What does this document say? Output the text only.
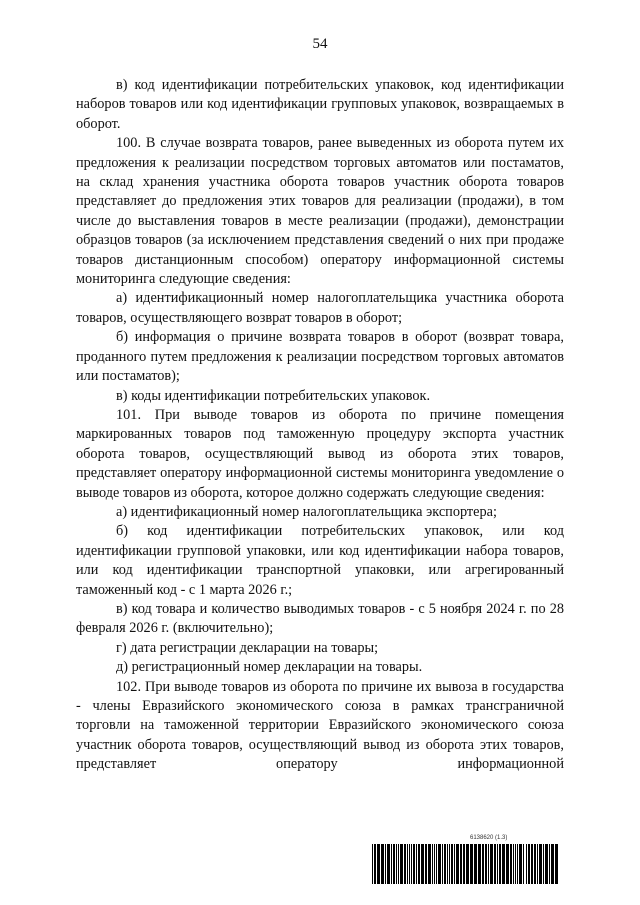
54

в) код идентификации потребительских упаковок, код идентификации наборов товаров или код идентификации групповых упаковок, возвращаемых в оборот.

100. В случае возврата товаров, ранее выведенных из оборота путем их предложения к реализации посредством торговых автоматов или постаматов, на склад хранения участника оборота товаров участник оборота товаров представляет до предложения этих товаров для реализации (продажи), в том числе до выставления товаров в месте реализации (продажи), демонстрации образцов товаров (за исключением представления сведений о них при продаже товаров дистанционным способом) оператору информационной системы мониторинга следующие сведения:

а) идентификационный номер налогоплательщика участника оборота товаров, осуществляющего возврат товаров в оборот;

б) информация о причине возврата товаров в оборот (возврат товара, проданного путем предложения к реализации посредством торговых автоматов или постаматов);

в) коды идентификации потребительских упаковок.

101. При выводе товаров из оборота по причине помещения маркированных товаров под таможенную процедуру экспорта участник оборота товаров, осуществляющий вывод из оборота этих товаров, представляет оператору информационной системы мониторинга уведомление о выводе товаров из оборота, которое должно содержать следующие сведения:

а) идентификационный номер налогоплательщика экспортера;

б) код идентификации потребительских упаковок, или код идентификации групповой упаковки, или код идентификации набора товаров, или код идентификации транспортной упаковки, или агрегированный таможенный код - с 1 марта 2026 г.;

в) код товара и количество выводимых товаров - с 5 ноября 2024 г. по 28 февраля 2026 г. (включительно);

г) дата регистрации декларации на товары;

д) регистрационный номер декларации на товары.

102. При выводе товаров из оборота по причине их вывоза в государства - члены Евразийского экономического союза в рамках трансграничной торговли на таможенной территории Евразийского экономического союза участник оборота товаров, осуществляющий вывод из оборота этих товаров, представляет оператору информационной

6138620 (1.3)
